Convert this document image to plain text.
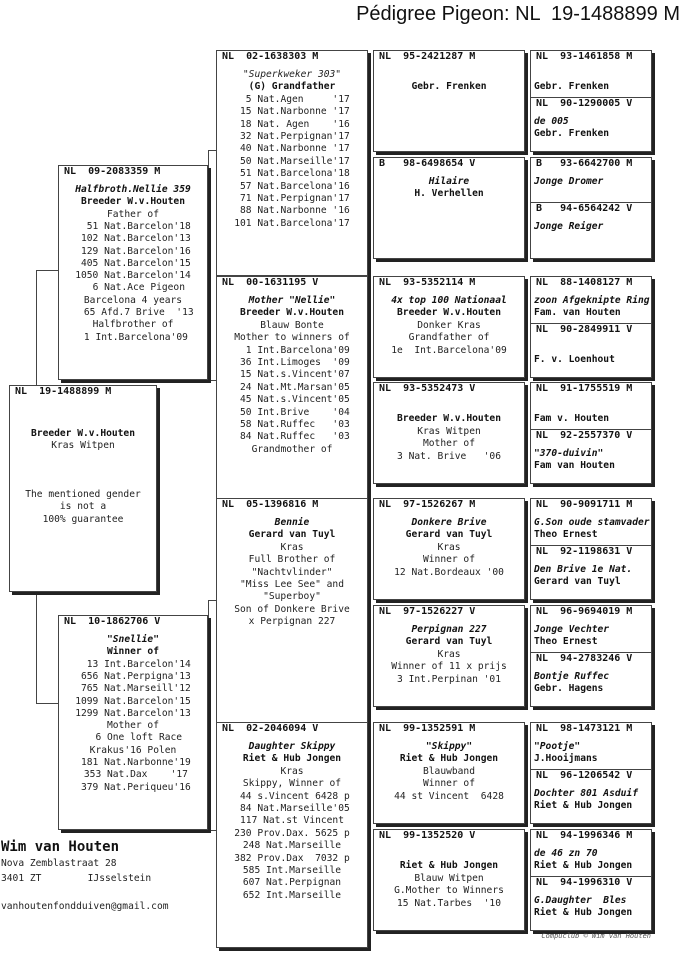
Pédigree Pigeon: NL  19-1488899 M
NL  19-1488899 M
Breeder W.v.Houten
Kras Witpen
The mentioned gender
is not a
100% guarantee
NL  09-2083359 M
Halfbroth.Nellie 359
Breeder W.v.Houten
Father of
51 Nat.Barcelon'18
102 Nat.Barcelon'13
129 Nat.Barcelon'16
405 Nat.Barcelon'15
1050 Nat.Barcelon'14
6 Nat.Ace Pigeon
Barcelona 4 years
65 Afd.7 Brive  '13
Halfbrother of
1 Int.Barcelona'09
NL  10-1862706 V
"Snellie"
Winner of
13 Int.Barcelon'14
656 Nat.Perpigna'13
765 Nat.Marseill'12
1099 Nat.Barcelon'15
1299 Nat.Barcelon'13
Mother of
6 One loft Race
Krakus'16 Polen
181 Nat.Narbonne'19
353 Nat.Dax    '17
379 Nat.Periqueu'16
NL  02-1638303 M
"Superkweker 303"
(G) Grandfather
5 Nat.Agen     '17
15 Nat.Narbonne '17
18 Nat. Agen    '16
32 Nat.Perpignan'17
40 Nat.Narbonne '17
50 Nat.Marseille'17
51 Nat.Barcelona'18
57 Nat.Barcelona'16
71 Nat.Perpignan'17
88 Nat.Narbonne '16
101 Nat.Barcelona'17
NL  00-1631195 V
Mother "Nellie"
Breeder W.v.Houten
Blauw Bonte
Mother to winners of
1 Int.Barcelona'09
36 Int.Limoges  '09
15 Nat.s.Vincent'07
24 Nat.Mt.Marsan'05
45 Nat.s.Vincent'05
50 Int.Brive    '04
58 Nat.Ruffec   '03
84 Nat.Ruffec   '03
Grandmother of
NL  05-1396816 M
Bennie
Gerard van Tuyl
Kras
Full Brother of
"Nachtvlinder"
"Miss Lee See" and
"Superboy"
Son of Donkere Brive
x Perpignan 227
NL  02-2046094 V
Daughter Skippy
Riet & Hub Jongen
Kras
Skippy, Winner of
44 s.Vincent 6428 p
84 Nat.Marseille'05
117 Nat.st Vincent
230 Prov.Dax. 5625 p
248 Nat.Marseille
382 Prov.Dax  7032 p
585 Int.Marseille
607 Nat.Perpignan
652 Int.Marseille
NL  95-2421287 M
Gebr. Frenken
B   98-6498654 V
Hilaire
H. Verhellen
NL  93-5352114 M
4x top 100 Nationaal
Breeder W.v.Houten
Donker Kras
Grandfather of
1e  Int.Barcelona'09
NL  93-5352473 V
Breeder W.v.Houten
Kras Witpen
Mother of
3 Nat. Brive   '06
NL  97-1526267 M
Donkere Brive
Gerard van Tuyl
Kras
Winner of
12 Nat.Bordeaux '00
NL  97-1526227 V
Perpignan 227
Gerard van Tuyl
Kras
Winner of 11 x prijs
3 Int.Perpinan '01
NL  99-1352591 M
"Skippy"
Riet & Hub Jongen
Blauwband
Winner of
44 st Vincent  6428
NL  99-1352520 V
Riet & Hub Jongen
Blauw Witpen
G.Mother to Winners
15 Nat.Tarbes  '10
NL  93-1461858 M
Gebr. Frenken
NL  90-1290005 V
de 005
Gebr. Frenken
B   93-6642700 M
Jonge Dromer
B   94-6564242 V
Jonge Reiger
NL  88-1408127 M
zoon Afgeknipte Ring
Fam. van Houten
NL  90-2849911 V
F. v. Loenhout
NL  91-1755519 M
Fam v. Houten
NL  92-2557370 V
"370-duivin"
Fam van Houten
NL  90-9091711 M
G.Son oude stamvader
Theo Ernest
NL  92-1198631 V
Den Brive 1e Nat.
Gerard van Tuyl
NL  96-9694019 M
Jonge Vechter
Theo Ernest
NL  94-2783246 V
Bontje Ruffec
Gebr. Hagens
NL  98-1473121 M
"Pootje"
J.Hooijmans
NL  96-1206542 V
Dochter 801 Asduif
Riet & Hub Jongen
NL  94-1996346 M
de 46 zn 70
Riet & Hub Jongen
NL  94-1996310 V
G.Daughter  Bles
Riet & Hub Jongen
Wim van Houten
Nova Zemblastraat 28
3401 ZT        IJsselstein
vanhoutenfondduiven@gmail.com
Compuclub © Wim van Houten
